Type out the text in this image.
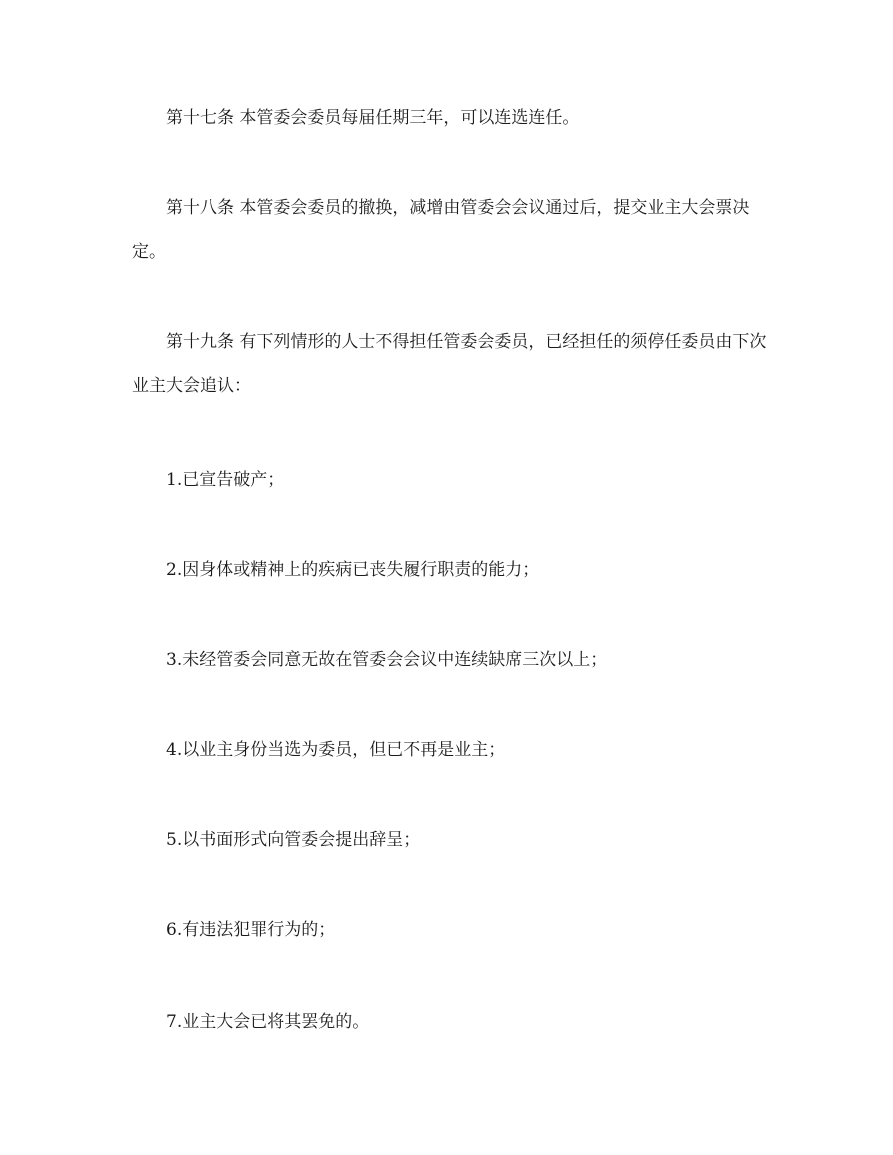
第十七条 本管委会委员每届任期三年，可以连选连任。

第十八条 本管委会委员的撤换，减增由管委会会议通过后，提交业主大会票决定。

第十九条 有下列情形的人士不得担任管委会委员，已经担任的须停任委员由下次业主大会追认：

1.已宣告破产；

2.因身体或精神上的疾病已丧失履行职责的能力；

3.未经管委会同意无故在管委会会议中连续缺席三次以上；

4.以业主身份当选为委员，但已不再是业主；

5.以书面形式向管委会提出辞呈；

6.有违法犯罪行为的；

7.业主大会已将其罢免的。
